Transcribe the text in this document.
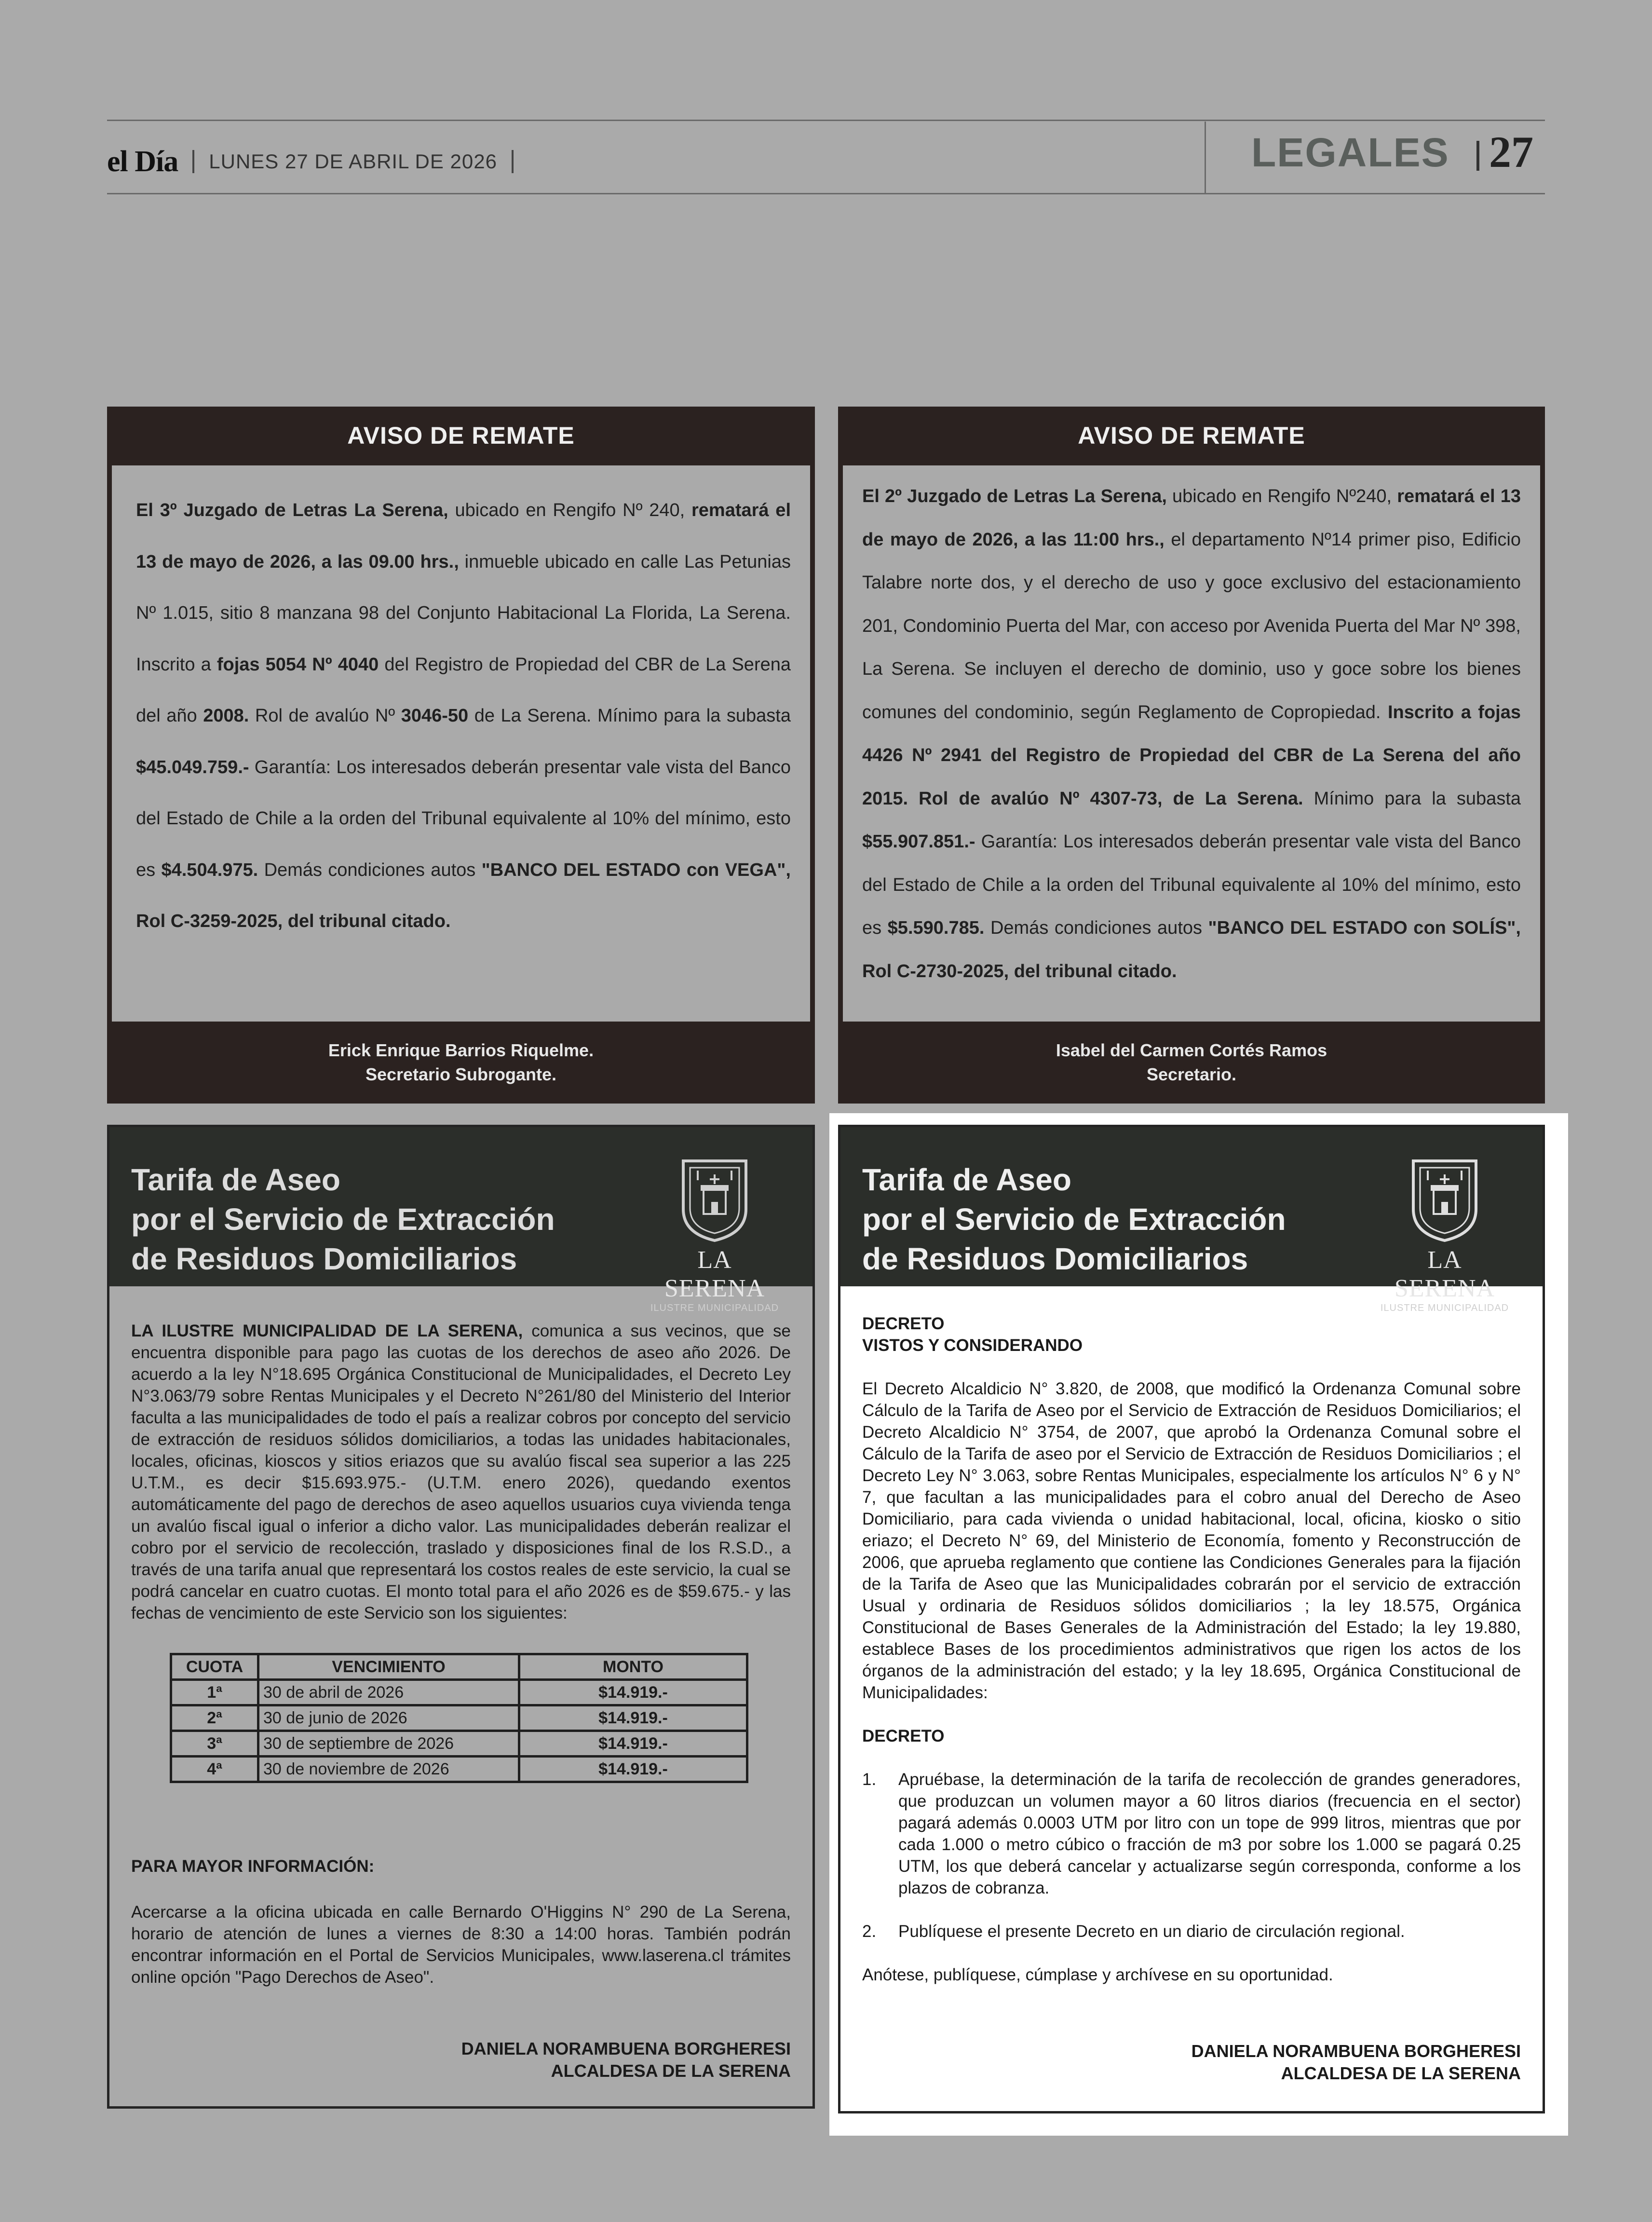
el Día LUNES 27 DE ABRIL DE 2026	LEGALES 27
AVISO DE REMATE

El 3º Juzgado de Letras La Serena, ubicado en Rengifo Nº 240, rematará el 13 de mayo de 2026, a las 09.00 hrs., inmueble ubicado en calle Las Petunias Nº 1.015, sitio 8 manzana 98 del Conjunto Habitacional La Florida, La Serena. Inscrito a fojas 5054 Nº 4040 del Registro de Propiedad del CBR de La Serena del año 2008. Rol de avalúo Nº 3046-50 de La Serena. Mínimo para la subasta $45.049.759.- Garantía: Los interesados deberán presentar vale vista del Banco del Estado de Chile a la orden del Tribunal equivalente al 10% del mínimo, esto es $4.504.975. Demás condiciones autos "BANCO DEL ESTADO con VEGA", Rol C-3259-2025, del tribunal citado.

Erick Enrique Barrios Riquelme.
Secretario Subrogante.
AVISO DE REMATE

El 2º Juzgado de Letras La Serena, ubicado en Rengifo Nº240, rematará el 13 de mayo de 2026, a las 11:00 hrs., el departamento Nº14 primer piso, Edificio Talabre norte dos, y el derecho de uso y goce exclusivo del estacionamiento 201, Condominio Puerta del Mar, con acceso por Avenida Puerta del Mar Nº 398, La Serena. Se incluyen el derecho de dominio, uso y goce sobre los bienes comunes del condominio, según Reglamento de Copropiedad. Inscrito a fojas 4426 Nº 2941 del Registro de Propiedad del CBR de La Serena del año 2015. Rol de avalúo Nº 4307-73, de La Serena. Mínimo para la subasta $55.907.851.- Garantía: Los interesados deberán presentar vale vista del Banco del Estado de Chile a la orden del Tribunal equivalente al 10% del mínimo, esto es $5.590.785. Demás condiciones autos "BANCO DEL ESTADO con SOLÍS", Rol C-2730-2025, del tribunal citado.

Isabel del Carmen Cortés Ramos
Secretario.
Tarifa de Aseo
por el Servicio de Extracción
de Residuos Domiciliarios	LA SERENA
ILUSTRE MUNICIPALIDAD

LA ILUSTRE MUNICIPALIDAD DE LA SERENA, comunica a sus vecinos, que se encuentra disponible para pago las cuotas de los derechos de aseo año 2026. De acuerdo a la ley N°18.695 Orgánica Constitucional de Municipalidades, el Decreto Ley N°3.063/79 sobre Rentas Municipales y el Decreto N°261/80 del Ministerio del Interior faculta a las municipalidades de todo el país a realizar cobros por concepto del servicio de extracción de residuos sólidos domiciliarios, a todas las unidades habitacionales, locales, oficinas, kioscos y sitios eriazos que su avalúo fiscal sea superior a las 225 U.T.M., es decir $15.693.975.- (U.T.M. enero 2026), quedando exentos automáticamente del pago de derechos de aseo aquellos usuarios cuya vivienda tenga un avalúo fiscal igual o inferior a dicho valor. Las municipalidades deberán realizar el cobro por el servicio de recolección, traslado y disposiciones final de los R.S.D., a través de una tarifa anual que representará los costos reales de este servicio, la cual se podrá cancelar en cuatro cuotas. El monto total para el año 2026 es de $59.675.- y las fechas de vencimiento de este Servicio son los siguientes:

CUOTA	VENCIMIENTO	MONTO
1ª	30 de abril de 2026	$14.919.-
2ª	30 de junio de 2026	$14.919.-
3ª	30 de septiembre de 2026	$14.919.-
4ª	30 de noviembre de 2026	$14.919.-

PARA MAYOR INFORMACIÓN:

Acercarse a la oficina ubicada en calle Bernardo O'Higgins N° 290 de La Serena, horario de atención de lunes a viernes de 8:30 a 14:00 horas. También podrán encontrar información en el Portal de Servicios Municipales, www.laserena.cl trámites online opción "Pago Derechos de Aseo".

DANIELA NORAMBUENA BORGHERESI
ALCALDESA DE LA SERENA
Tarifa de Aseo
por el Servicio de Extracción
de Residuos Domiciliarios	LA SERENA
ILUSTRE MUNICIPALIDAD

DECRETO

VISTOS Y CONSIDERANDO

El Decreto Alcaldicio N° 3.820, de 2008, que modificó la Ordenanza Comunal sobre Cálculo de la Tarifa de Aseo por el Servicio de Extracción de Residuos Domiciliarios; el Decreto Alcaldicio N° 3754, de 2007, que aprobó la Ordenanza Comunal sobre el Cálculo de la Tarifa de aseo por el Servicio de Extracción de Residuos Domiciliarios ; el Decreto Ley N° 3.063, sobre Rentas Municipales, especialmente los artículos N° 6 y N° 7, que facultan a las municipalidades para el cobro anual del Derecho de Aseo Domiciliario, para cada vivienda o unidad habitacional, local, oficina, kiosko o sitio eriazo; el Decreto N° 69, del Ministerio de Economía, fomento y Reconstrucción de 2006, que aprueba reglamento que contiene las Condiciones Generales para la fijación de la Tarifa de Aseo que las Municipalidades cobrarán por el servicio de extracción Usual y ordinaria de Residuos sólidos domiciliarios ; la ley 18.575, Orgánica Constitucional de Bases Generales de la Administración del Estado; la ley 19.880, establece Bases de los procedimientos administrativos que rigen los actos de los órganos de la administración del estado; y la ley 18.695, Orgánica Constitucional de Municipalidades:

DECRETO

1.	Apruébase, la determinación de la tarifa de recolección de grandes generadores, que produzcan un volumen mayor a 60 litros diarios (frecuencia en el sector) pagará además 0.0003 UTM por litro con un tope de 999 litros, mientras que por cada 1.000 o metro cúbico o fracción de m3 por sobre los 1.000 se pagará 0.25 UTM, los que deberá cancelar y actualizarse según corresponda, conforme a los plazos de cobranza.
2.	Publíquese el presente Decreto en un diario de circulación regional.

Anótese, publíquese, cúmplase y archívese en su oportunidad.

DANIELA NORAMBUENA BORGHERESI
ALCALDESA DE LA SERENA
